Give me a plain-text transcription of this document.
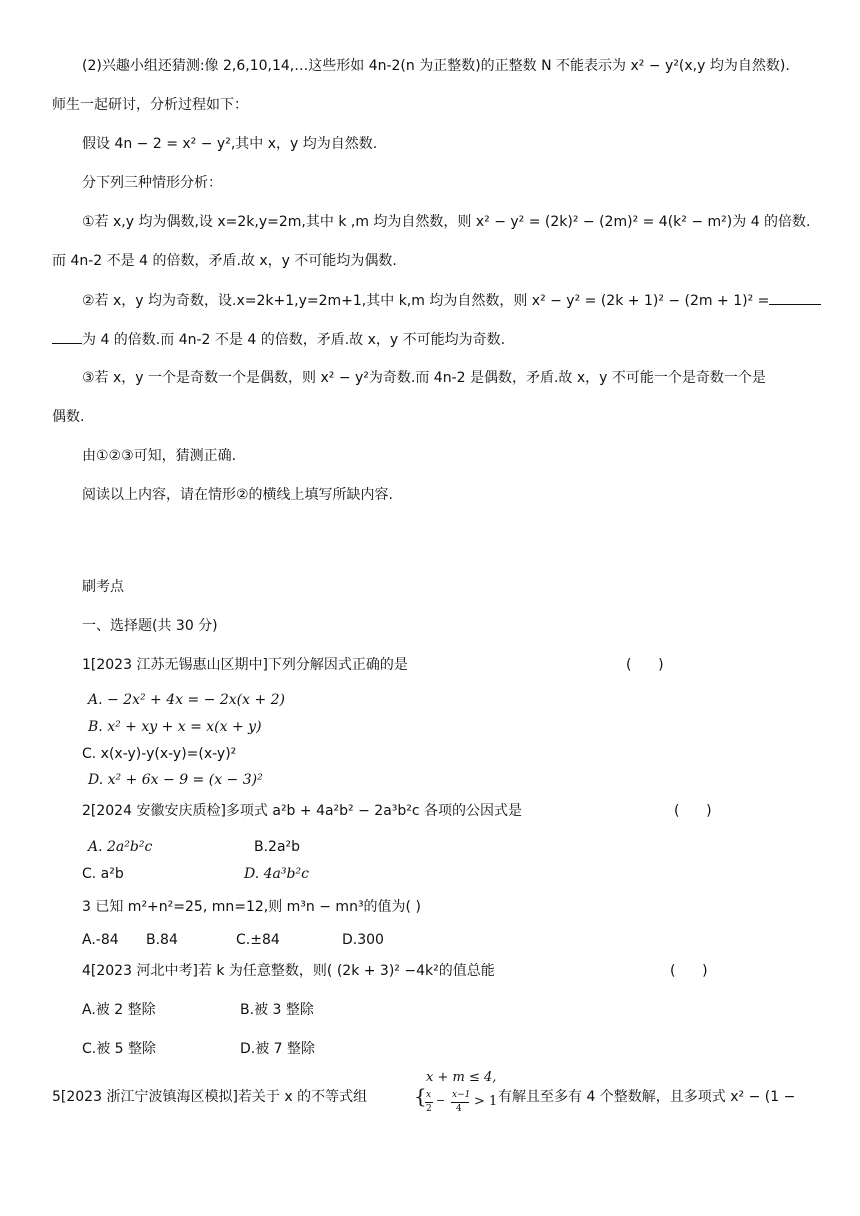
(2)兴趣小组还猜测:像 2,6,10,14,…这些形如 4n-2(n 为正整数)的正整数 N 不能表示为 x² − y²(x,y 均为自然数).
师生一起研讨，分析过程如下：
假设 4n − 2 = x² − y²,其中 x，y 均为自然数.
分下列三种情形分析：
①若 x,y 均为偶数,设 x=2k,y=2m,其中 k ,m 均为自然数，则 x² − y² = (2k)² − (2m)² = 4(k² − m²)为 4 的倍数.
而 4n-2 不是 4 的倍数，矛盾.故 x，y 不可能均为偶数.
②若 x，y 均为奇数，设.x=2k+1,y=2m+1,其中 k,m 均为自然数，则 x² − y² = (2k + 1)² − (2m + 1)² =
为 4 的倍数.而 4n-2 不是 4 的倍数，矛盾.故 x，y 不可能均为奇数.
③若 x，y 一个是奇数一个是偶数，则 x² − y²为奇数.而 4n-2 是偶数，矛盾.故 x，y 不可能一个是奇数一个是
偶数.
由①②③可知，猜测正确.
阅读以上内容，请在情形②的横线上填写所缺内容.
刷考点
一、选择题(共 30 分)
1[2023 江苏无锡惠山区期中]下列分解因式正确的是	(      )
A. − 2x² + 4x = − 2x(x + 2)
B. x² + xy + x = x(x + y)
C. x(x-y)-y(x-y)=(x-y)²
D. x² + 6x − 9 = (x − 3)²
2[2024 安徽安庆质检]多项式 a²b + 4a²b² − 2a³b²c 各项的公因式是	(      )
A. 2a²b²c	B.2a²b
C. a²b	D. 4a³b²c
3 已知 m²+n²=25, mn=12,则 m³n − mn³的值为( )
A.-84 B.84	C.±84	D.300
4[2023 河北中考]若 k 为任意整数，则( (2k + 3)² −4k²的值总能	(      )
A.被 2 整除	B.被 3 整除
C.被 5 整除	D.被 7 整除
5[2023 浙江宁波镇海区模拟]若关于 x 的不等式组 {
x + m ≤ 4,
x
2
− x−1
4 > 1 有解且至多有 4 个整数解，且多项式 x² − (1 −
